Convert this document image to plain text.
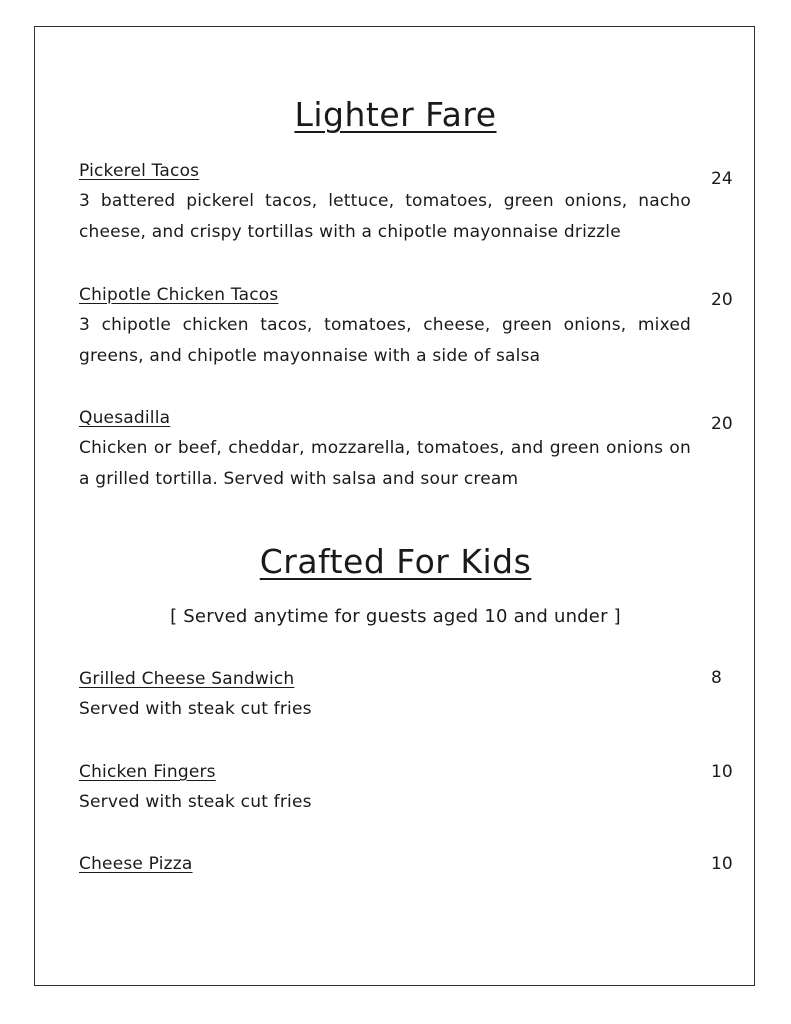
Lighter Fare
Pickerel Tacos
3 battered pickerel tacos, lettuce, tomatoes, green onions, nacho cheese, and crispy tortillas with a chipotle mayonnaise drizzle
24
Chipotle Chicken Tacos
3 chipotle chicken tacos, tomatoes, cheese, green onions, mixed greens, and chipotle mayonnaise with a side of salsa
20
Quesadilla
Chicken or beef, cheddar, mozzarella, tomatoes, and green onions on a grilled tortilla. Served with salsa and sour cream
20
Crafted For Kids
[ Served anytime for guests aged 10 and under ]
Grilled Cheese Sandwich
Served with steak cut fries
8
Chicken Fingers
Served with steak cut fries
10
Cheese Pizza	10
